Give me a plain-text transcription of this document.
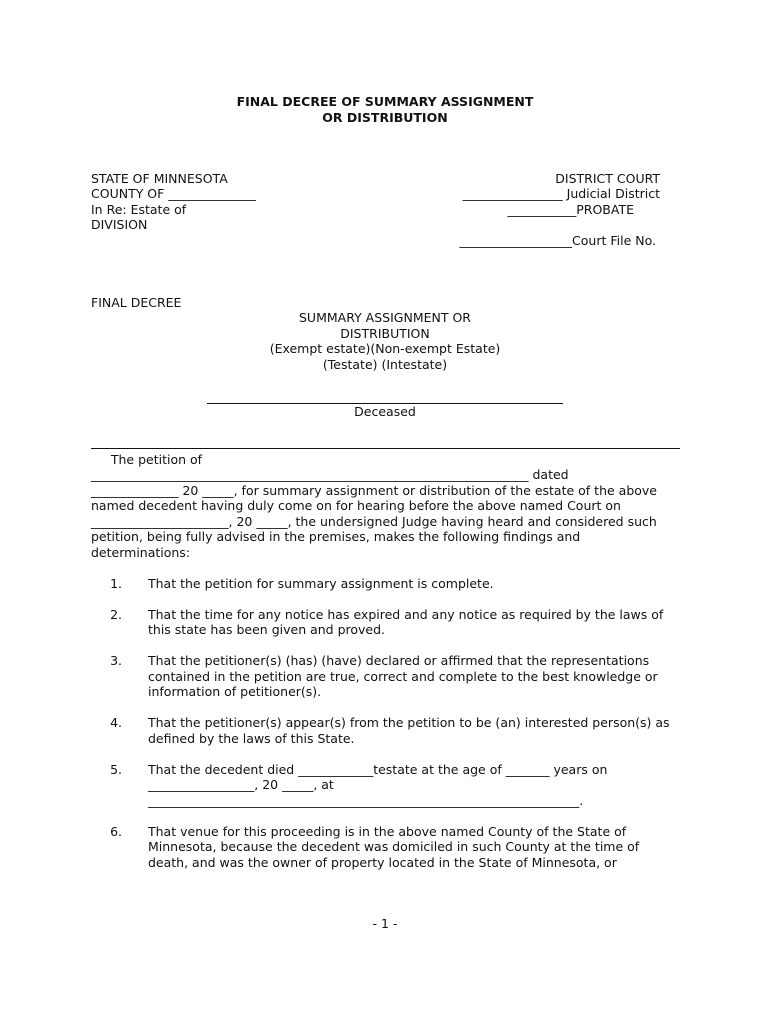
FINAL DECREE OF SUMMARY ASSIGNMENT
OR DISTRIBUTION
STATE OF MINNESOTA
COUNTY OF ______________
In Re: Estate of
DIVISION
DISTRICT COURT
________________ Judicial District
___________PROBATE
__________________Court File No.
FINAL DECREE
SUMMARY ASSIGNMENT OR
DISTRIBUTION
(Exempt estate)(Non-exempt Estate)
(Testate) (Intestate)
Deceased
The petition of
______________________________________________________________________ dated
______________ 20 _____, for summary assignment or distribution of the estate of the above
named decedent having duly come on for hearing before the above named Court on
______________________, 20 _____, the undersigned Judge having heard and considered such
petition, being fully advised in the premises, makes the following findings and
determinations:
1. That the petition for summary assignment is complete.
2. That the time for any notice has expired and any notice as required by the laws of
this state has been given and proved.
3. That the petitioner(s) (has) (have) declared or affirmed that the representations
contained in the petition are true, correct and complete to the best knowledge or
information of petitioner(s).
4. That the petitioner(s) appear(s) from the petition to be (an) interested person(s) as
defined by the laws of this State.
5. That the decedent died ____________testate at the age of _______ years on
_________________, 20 _____, at
_____________________________________________________________________.
6. That venue for this proceeding is in the above named County of the State of
Minnesota, because the decedent was domiciled in such County at the time of
death, and was the owner of property located in the State of Minnesota, or
- 1 -
